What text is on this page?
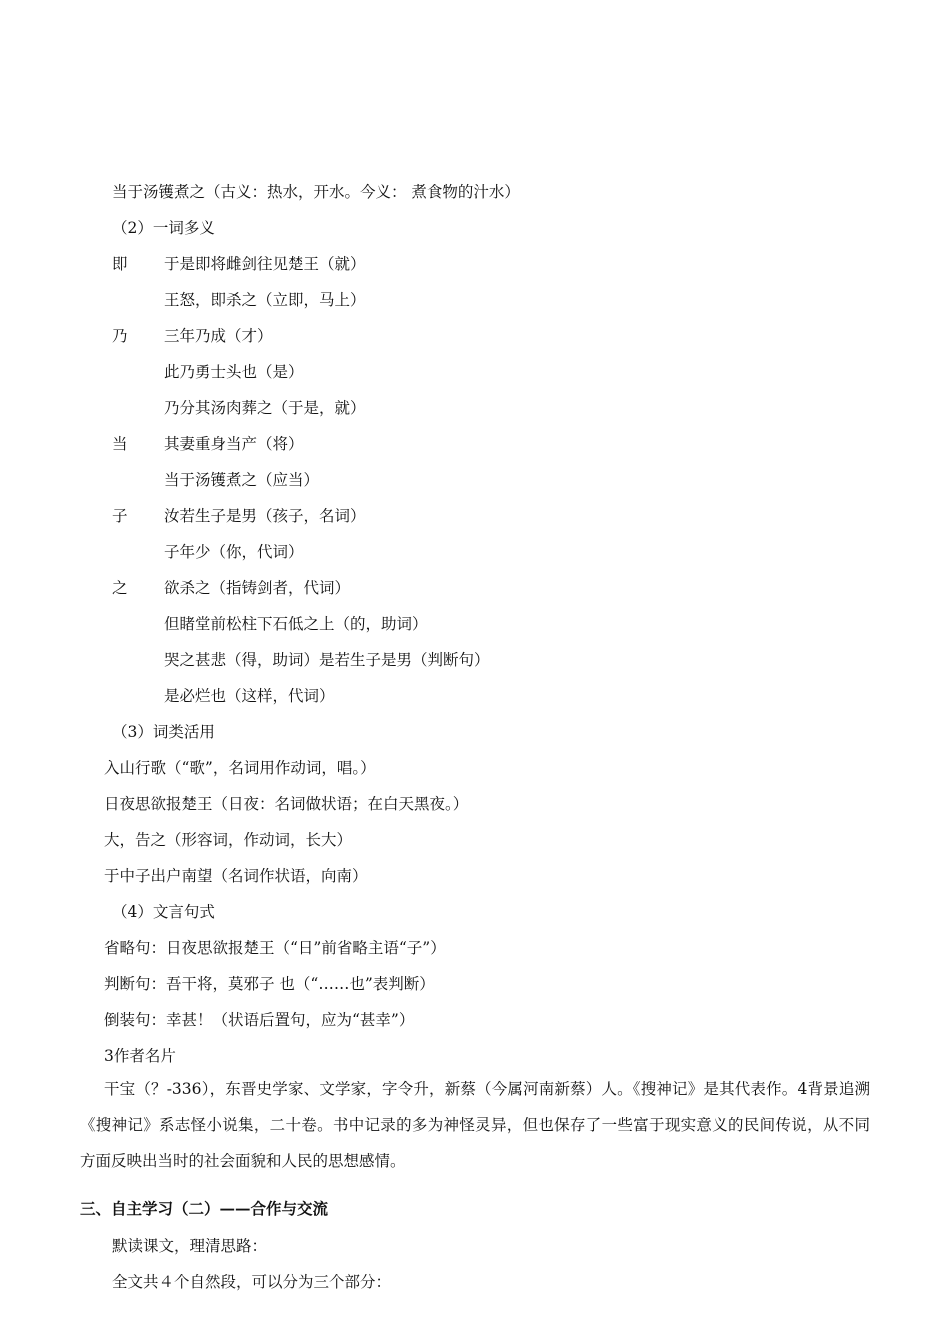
当于汤镬煮之（古义：热水，开水。今义： 煮食物的汁水）
（2）一词多义
即 于是即将雌剑往见楚王（就）
王怒，即杀之（立即，马上）
乃 三年乃成（才）
此乃勇士头也（是）
乃分其汤肉葬之（于是，就）
当 其妻重身当产（将）
当于汤镬煮之（应当）
子 汝若生子是男（孩子，名词）
子年少（你，代词）
之 欲杀之（指铸剑者，代词）
但睹堂前松柱下石低之上（的，助词）
哭之甚悲（得，助词）是若生子是男（判断句）
是必烂也（这样，代词）
（3）词类活用
入山行歌（“歌”，名词用作动词，唱。）
日夜思欲报楚王（日夜：名词做状语；在白天黑夜。）
大，告之（形容词，作动词，长大）
于中子出户南望（名词作状语，向南）
（4）文言句式
省略句：日夜思欲报楚王（“日”前省略主语“子”）
判断句：吾干将，莫邪子 也（“……也”表判断）
倒装句：幸甚！（状语后置句，应为“甚幸”）
3作者名片
干宝（？-336），东晋史学家、文学家，字令升，新蔡（今属河南新蔡）人。《搜神记》是其代表作。4背景追溯《搜神记》系志怪小说集，二十卷。书中记录的多为神怪灵异，但也保存了一些富于现实意义的民间传说，从不同方面反映出当时的社会面貌和人民的思想感情。
三、自主学习（二）——合作与交流
默读课文，理清思路：
全文共４个自然段，可以分为三个部分：
